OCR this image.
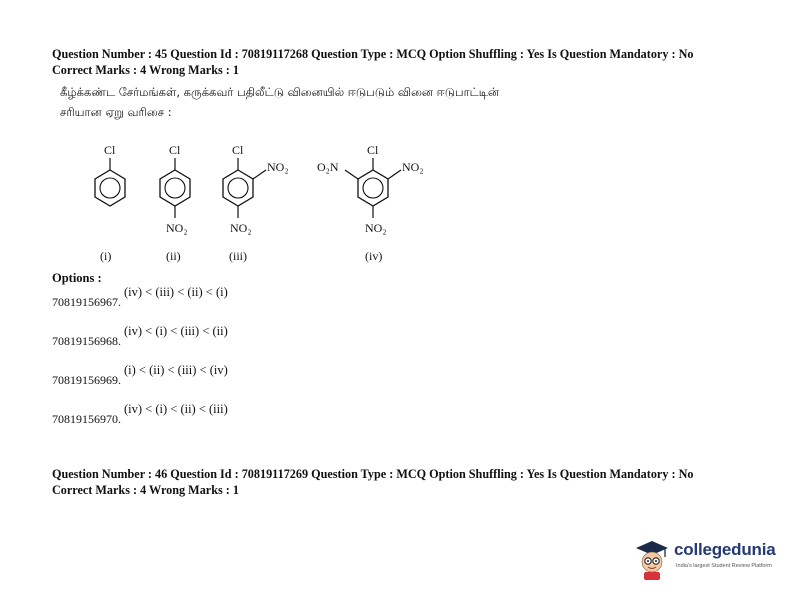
Question Number : 45 Question Id : 70819117268 Question Type : MCQ Option Shuffling : Yes Is Question Mandatory : No
Correct Marks : 4 Wrong Marks : 1
கீழ்க்கண்ட சேர்மங்கள், கருக்கவர் பதிலீட்டு வினையில் ஈடுபடும் வினை ஈடுபாட்டின்
சரியான ஏறு வரிசை :
Cl
(i)
Cl
NO₂
(ii)
Cl
NO₂
NO₂
(iii)
Cl
NO₂
O₂N
NO₂
(iv)
Options :
70819156967.(iv) < (iii) < (ii) < (i)
70819156968.(iv) < (i) < (iii) < (ii)
70819156969.(i) < (ii) < (iii) < (iv)
70819156970.(iv) < (i) < (ii) < (iii)
Question Number : 46 Question Id : 70819117269 Question Type : MCQ Option Shuffling : Yes Is Question Mandatory : No
Correct Marks : 4 Wrong Marks : 1
collegedunia
India's largest Student Review Platform
